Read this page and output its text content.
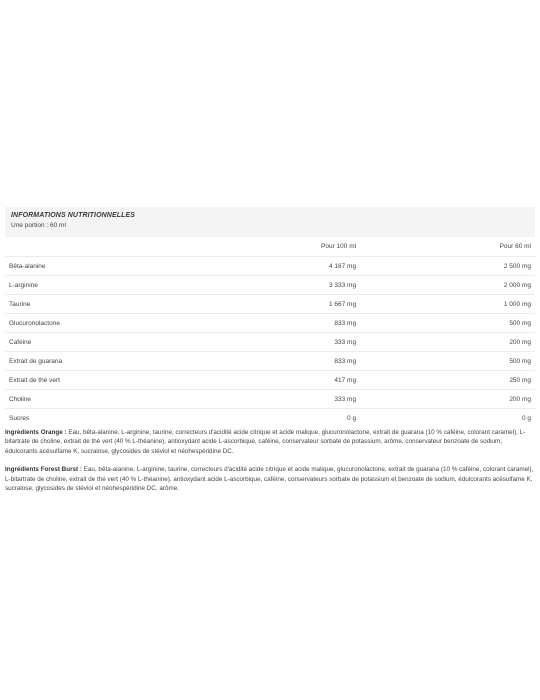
INFORMATIONS NUTRITIONNELLES
Une portion : 60 ml
	Pour 100 ml	Pour 60 ml
Bêta-alanine	4 167 mg	2 500 mg
L-arginine	3 333 mg	2 000 mg
Taurine	1 667 mg	1 000 mg
Glucuronolactone	833 mg	500 mg
Caféine	333 mg	200 mg
Extrait de guarana	833 mg	500 mg
Extrait de thé vert	417 mg	250 mg
Choline	333 mg	200 mg
Sucres	0 g	0 g

Ingrédients Orange : Eau, bêta-alanine, L-arginine, taurine, correcteurs d'acidité acide citrique et acide malique, glucuronolactone, extrait de guarana (10 % caféine, colorant caramel), L-bitartrate de choline, extrait de thé vert (40 % L-théanine), antioxydant acide L-ascorbique, caféine, conservateur sorbate de potassium, arôme, conservateur benzoate de sodium, édulcorants acésulfame K, sucralose, glycosides de stéviol et néohespéridine DC.

Ingrédients Forest Burst : Eau, bêta-alanine, L-arginine, taurine, correcteurs d'acidité acide citrique et acide malique, glucuronolactone, extrait de guarana (10 % caféine, colorant caramel), L-bitartrate de choline, extrait de thé vert (40 % L-théanine), antioxydant acide L-ascorbique, caféine, conservateurs sorbate de potassium et benzoate de sodium, édulcorants acésulfame K, sucralose, glycosides de stéviol et néohespéridine DC, arôme.
